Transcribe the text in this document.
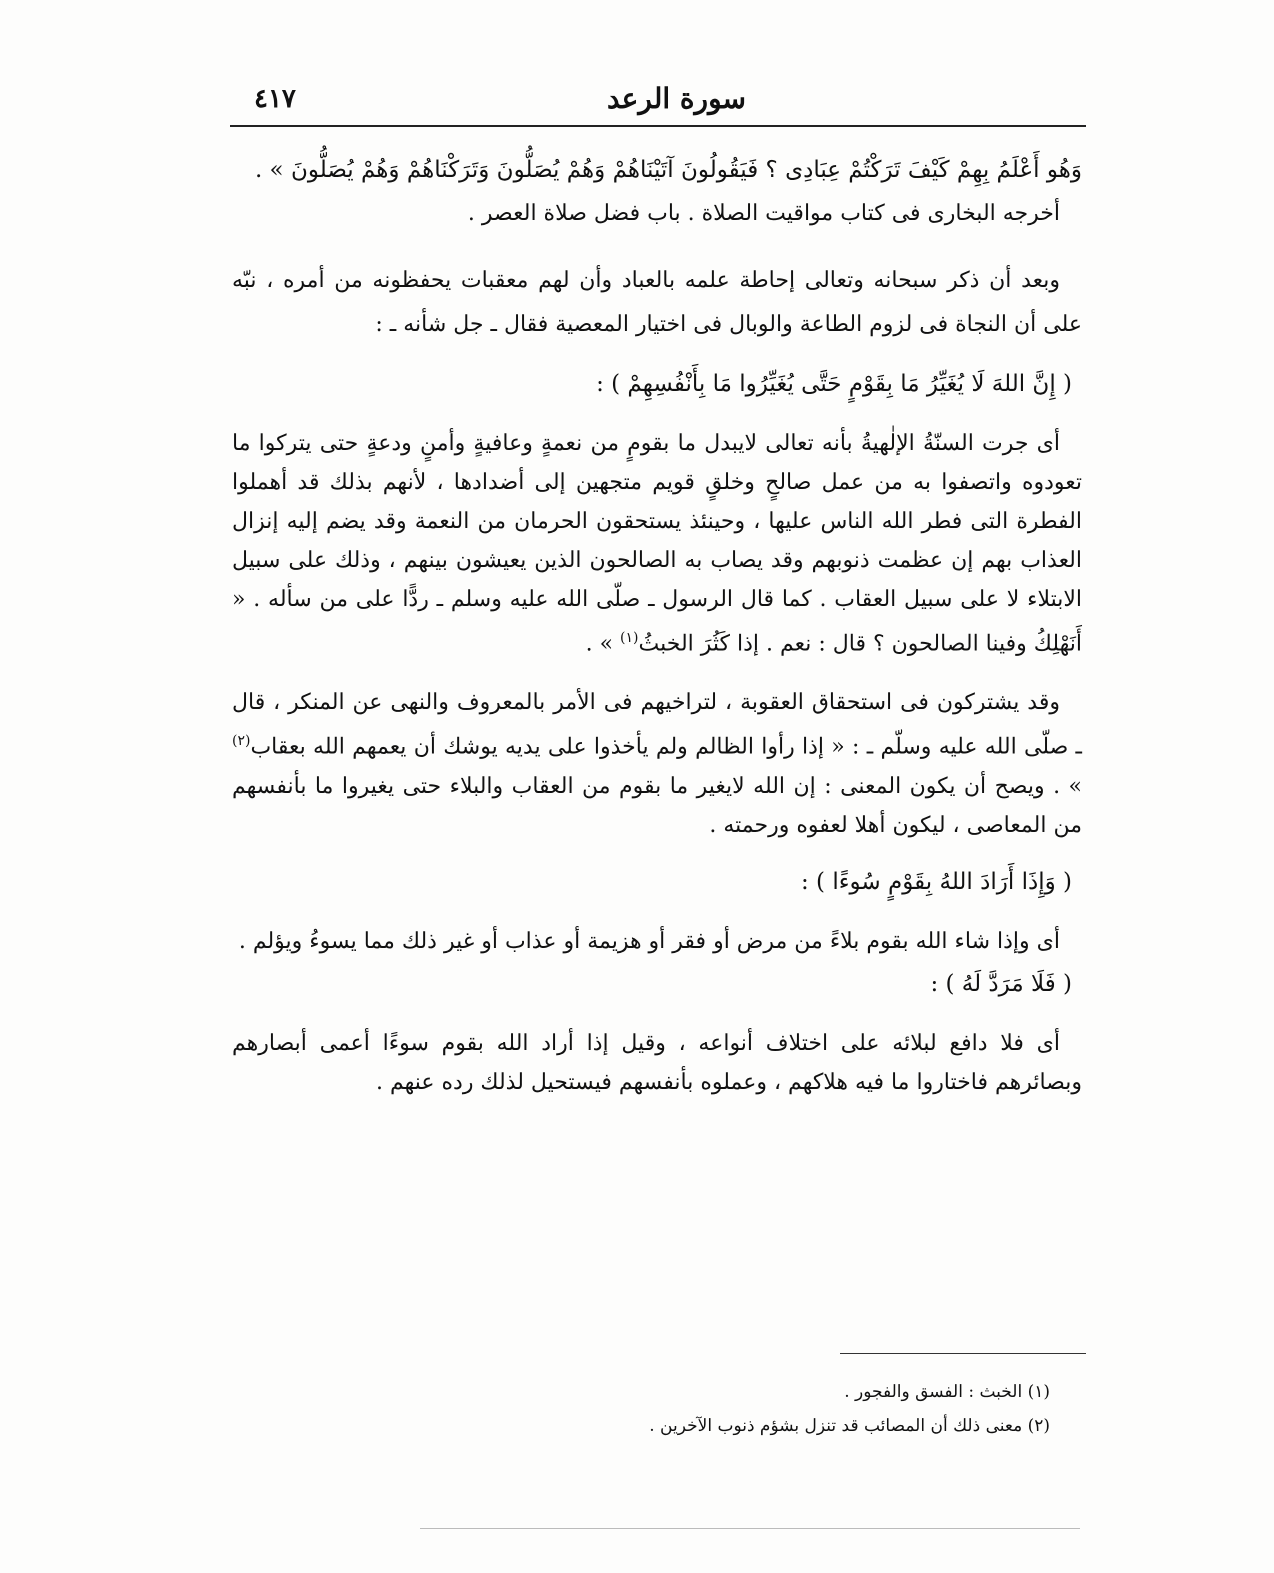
سورة الرعد
٤١٧

وَهُو أَعْلَمُ بِهِمْ كَيْفَ تَرَكْتُمْ عِبَادِى ؟ فَيَقُولُونَ آتَيْنَاهُمْ وَهُمْ يُصَلُّونَ وَتَرَكْنَاهُمْ وَهُمْ يُصَلُّونَ » .

أخرجه البخارى فى كتاب مواقيت الصلاة . باب فضل صلاة العصر .

وبعد أن ذكر سبحانه وتعالى إحاطة علمه بالعباد وأن لهم معقبات يحفظونه من أمره ، نبّه على أن النجاة فى لزوم الطاعة والوبال فى اختيار المعصية فقال ـ جل شأنه ـ :

( إِنَّ اللهَ لَا يُغَيِّرُ مَا بِقَوْمٍ حَتَّى يُغَيِّرُوا مَا بِأَنْفُسِهِمْ ) :

أى جرت السنّةُ الإلٰهيةُ بأنه تعالى لايبدل ما بقومٍ من نعمةٍ وعافيةٍ وأمنٍ ودعةٍ حتى يتركوا ما تعودوه واتصفوا به من عمل صالحٍ وخلقٍ قويم متجهين إلى أضدادها ، لأنهم بذلك قد أهملوا الفطرة التى فطر الله الناس عليها ، وحينئذ يستحقون الحرمان من النعمة وقد يضم إليه إنزال العذاب بهم إن عظمت ذنوبهم وقد يصاب به الصالحون الذين يعيشون بينهم ، وذلك على سبيل الابتلاء لا على سبيل العقاب . كما قال الرسول ـ صلّى الله عليه وسلم ـ ردًّا على من سأله . « أَنَهْلِكُ وفينا الصالحون ؟ قال : نعم . إذا كَثُرَ الخبثُ$^{(١)}$ » .

وقد يشتركون فى استحقاق العقوبة ، لتراخيهم فى الأمر بالمعروف والنهى عن المنكر ، قال ـ صلّى الله عليه وسلّم ـ : « إذا رأوا الظالم ولم يأخذوا على يديه يوشك أن يعمهم الله بعقاب$^{(٢)}$ » . ويصح أن يكون المعنى : إن الله لايغير ما بقوم من العقاب والبلاء حتى يغيروا ما بأنفسهم من المعاصى ، ليكون أهلا لعفوه ورحمته .

( وَإِذَا أَرَادَ اللهُ بِقَوْمٍ سُوءًا ) :

أى وإذا شاء الله بقوم بلاءً من مرض أو فقر أو هزيمة أو عذاب أو غير ذلك مما يسوءُ ويؤلم .

( فَلَا مَرَدَّ لَهُ ) :

أى فلا دافع لبلائه على اختلاف أنواعه ، وقيل إذا أراد الله بقوم سوءًا أعمى أبصارهم وبصائرهم فاختاروا ما فيه هلاكهم ، وعملوه بأنفسهم فيستحيل لذلك رده عنهم .

(١) الخبث : الفسق والفجور .
(٢) معنى ذلك أن المصائب قد تنزل بشؤم ذنوب الآخرين .
